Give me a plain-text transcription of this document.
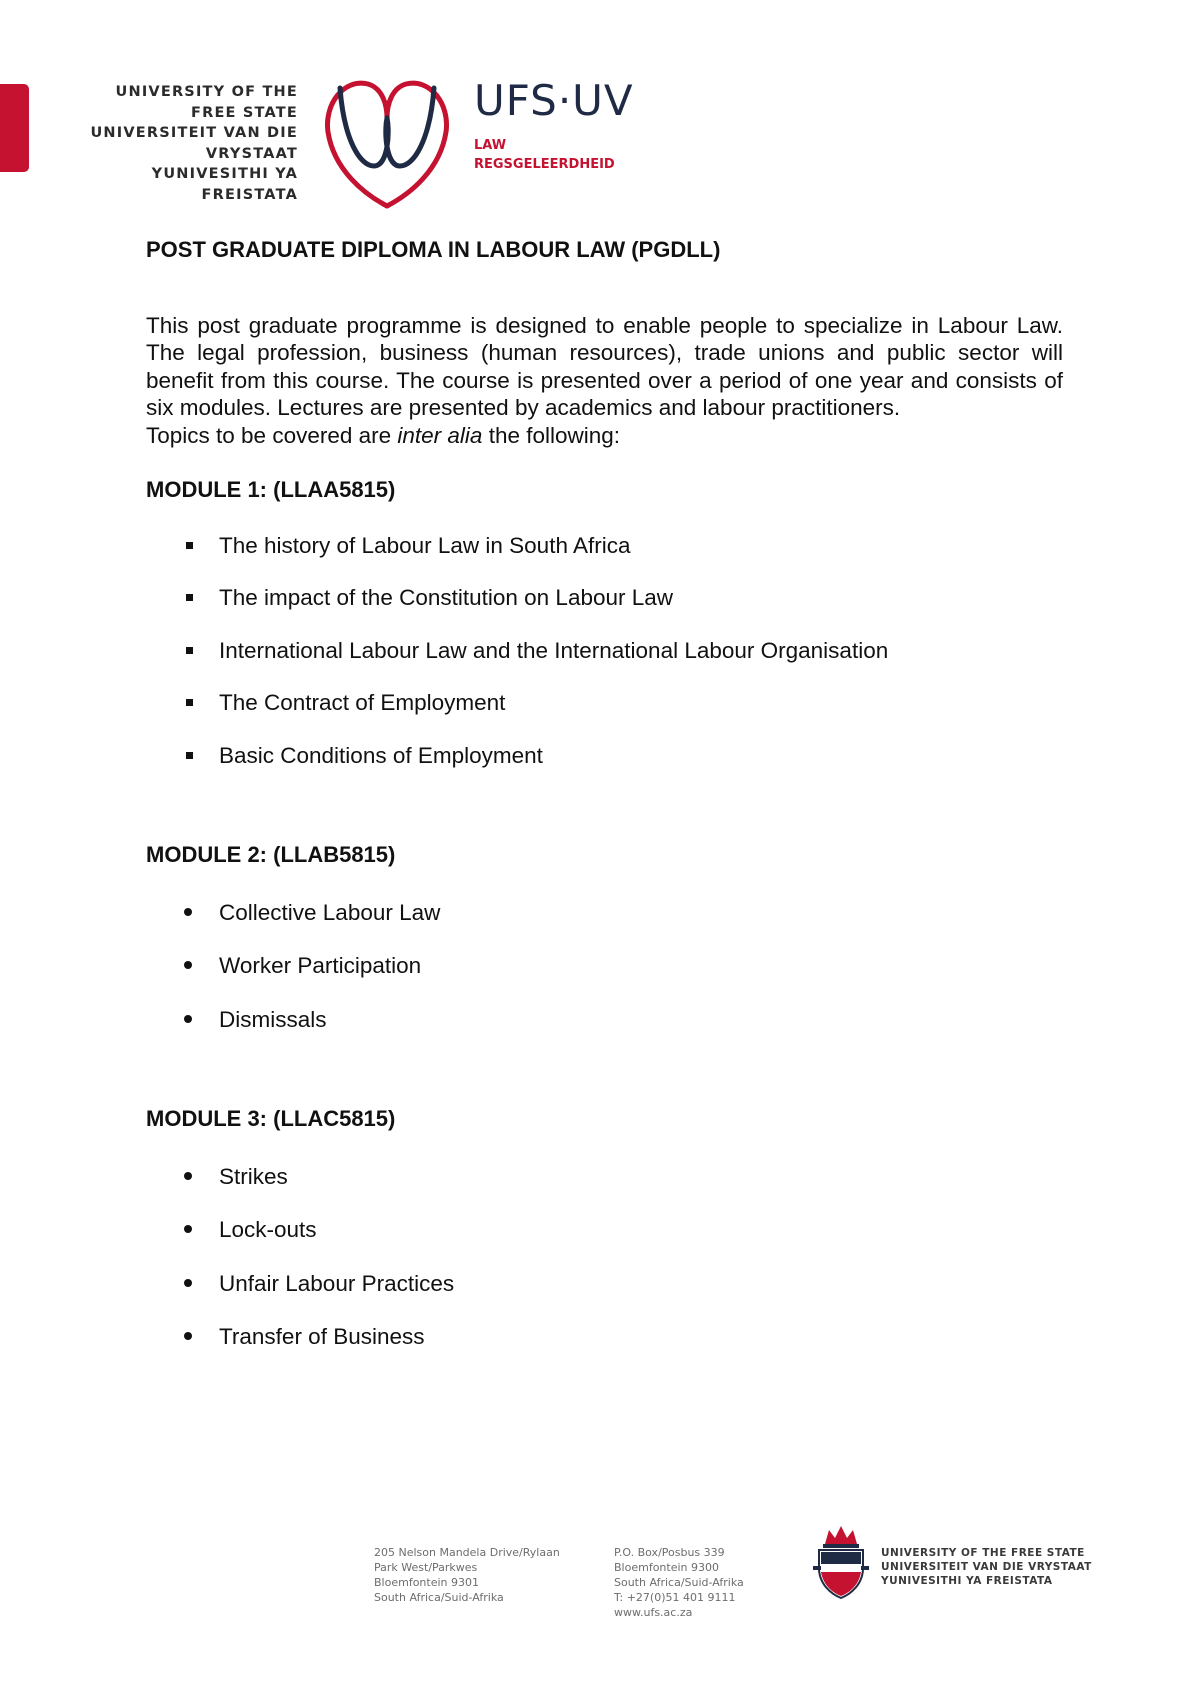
UNIVERSITY OF THE
FREE STATE
UNIVERSITEIT VAN DIE
VRYSTAAT
YUNIVESITHI YA
FREISTATA
UFS·UV
LAW
REGSGELEERDHEID
POST GRADUATE DIPLOMA IN LABOUR LAW (PGDLL)

This post graduate programme is designed to enable people to specialize in Labour Law. The legal profession, business (human resources), trade unions and public sector will benefit from this course. The course is presented over a period of one year and consists of six modules. Lectures are presented by academics and labour practitioners.

Topics to be covered are inter alia the following:

MODULE 1: (LLAA5815)
The history of Labour Law in South Africa
The impact of the Constitution on Labour Law
International Labour Law and the International Labour Organisation
The Contract of Employment
Basic Conditions of Employment
MODULE 2: (LLAB5815)
Collective Labour Law
Worker Participation
Dismissals
MODULE 3: (LLAC5815)
Strikes
Lock-outs
Unfair Labour Practices
Transfer of Business
205 Nelson Mandela Drive/Rylaan
Park West/Parkwes
Bloemfontein 9301
South Africa/Suid-Afrika
P.O. Box/Posbus 339
Bloemfontein 9300
South Africa/Suid-Afrika
T: +27(0)51 401 9111
www.ufs.ac.za
UNIVERSITY OF THE FREE STATE
UNIVERSITEIT VAN DIE VRYSTAAT
YUNIVESITHI YA FREISTATA
